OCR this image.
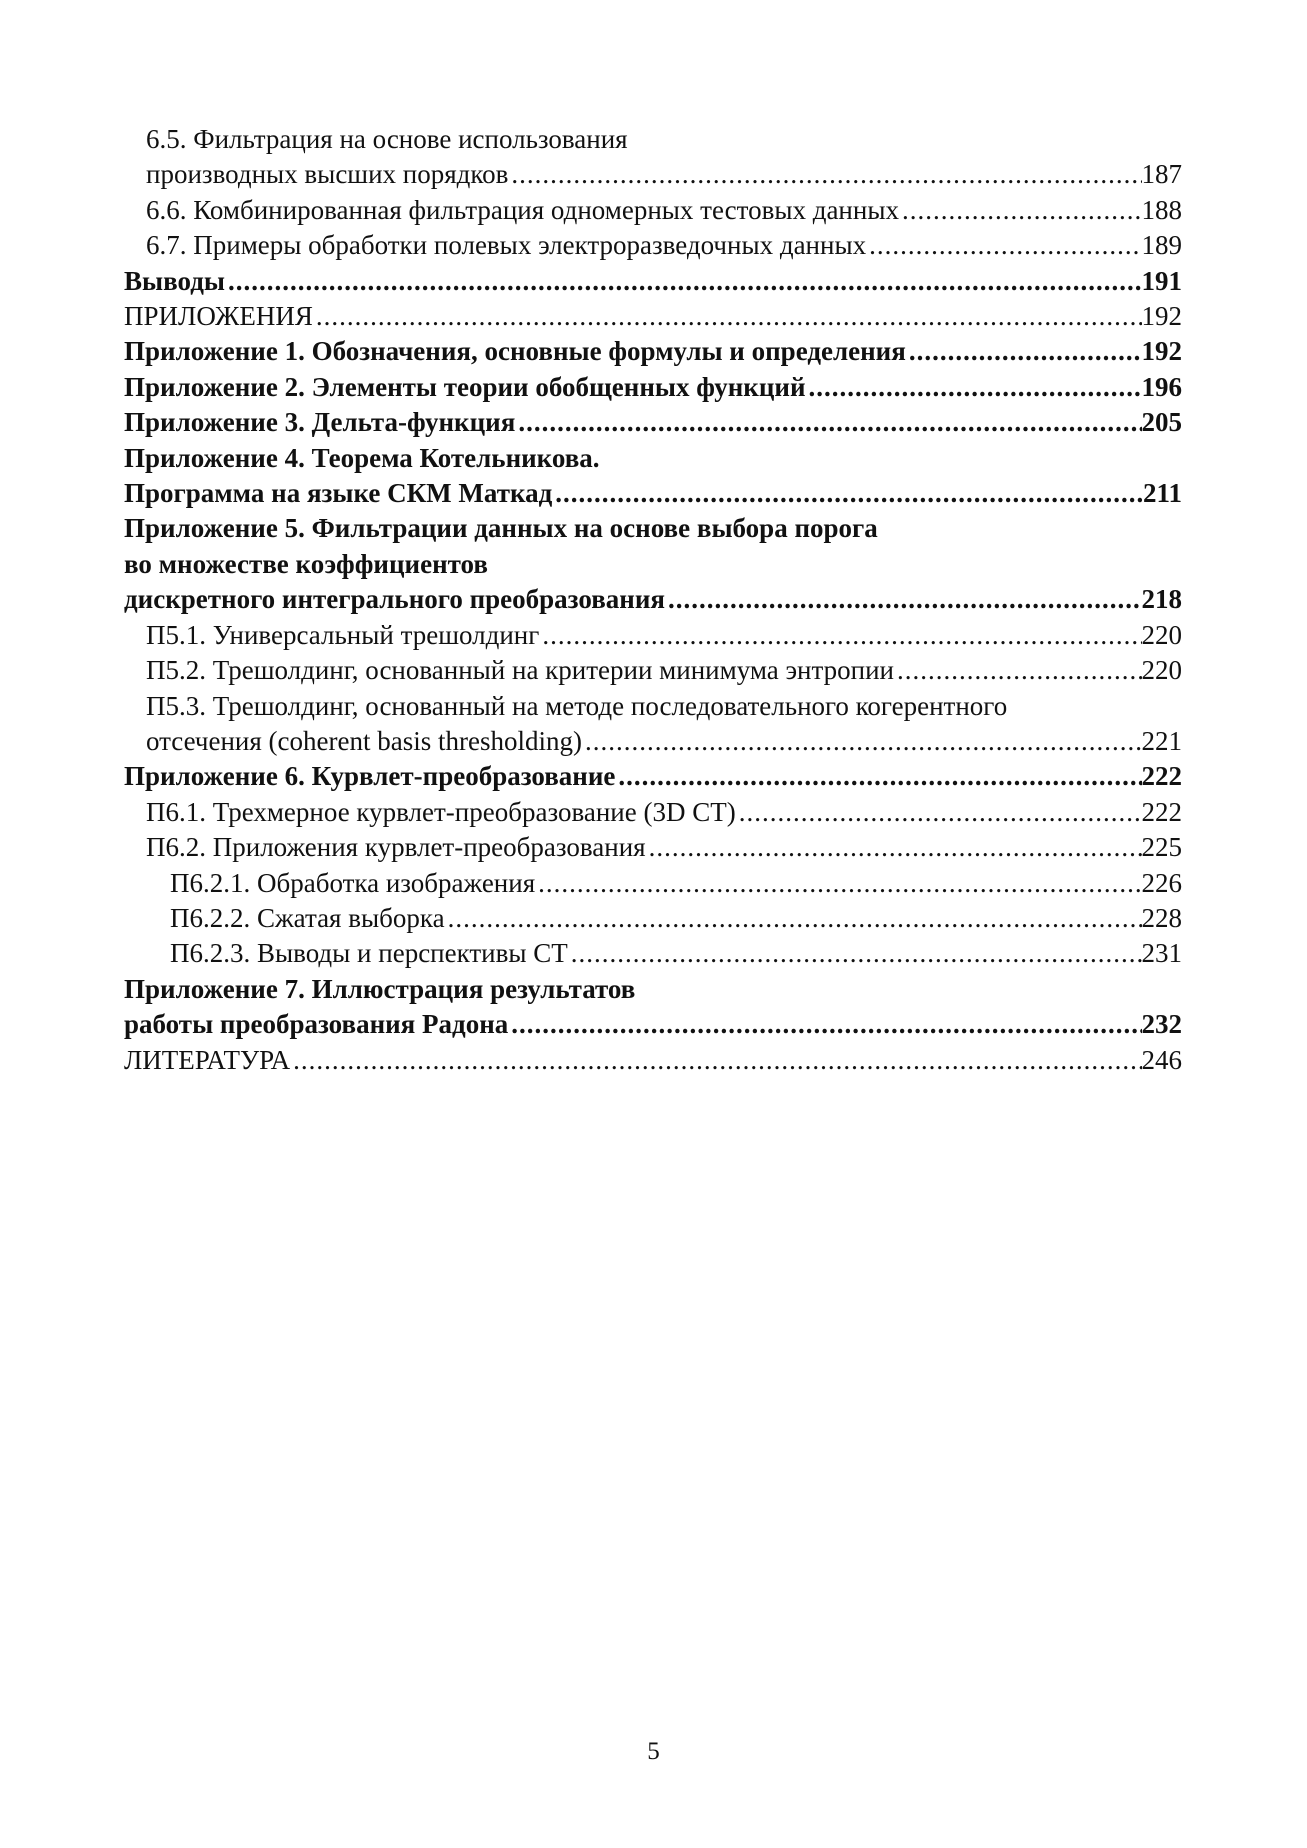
6.5. Фильтрация на основе использования
производных высших порядков .....	187
6.6. Комбинированная фильтрация одномерных тестовых данных .....	188
6.7. Примеры обработки полевых электроразведочных данных .....	189
Выводы .....	191
ПРИЛОЖЕНИЯ .....	192
Приложение 1. Обозначения, основные формулы и определения .....	192
Приложение 2. Элементы теории обобщенных функций .....	196
Приложение 3. Дельта-функция .....	205
Приложение 4. Теорема Котельникова.
Программа на языке СКМ Маткад .....	211
Приложение 5. Фильтрации данных на основе выбора порога
во множестве коэффициентов
дискретного интегрального преобразования .....	218
П5.1. Универсальный трешолдинг .....	220
П5.2. Трешолдинг, основанный на критерии минимума энтропии .....	220
П5.3. Трешолдинг, основанный на методе последовательного когерентного
отсечения (coherent basis thresholding) .....	221
Приложение 6. Курвлет-преобразование .....	222
П6.1. Трехмерное курвлет-преобразование (3D CT) .....	222
П6.2. Приложения курвлет-преобразования .....	225
П6.2.1. Обработка изображения .....	226
П6.2.2. Сжатая выборка .....	228
П6.2.3. Выводы и перспективы CT .....	231
Приложение 7. Иллюстрация результатов
работы преобразования Радона .....	232
ЛИТЕРАТУРА .....	246
5
